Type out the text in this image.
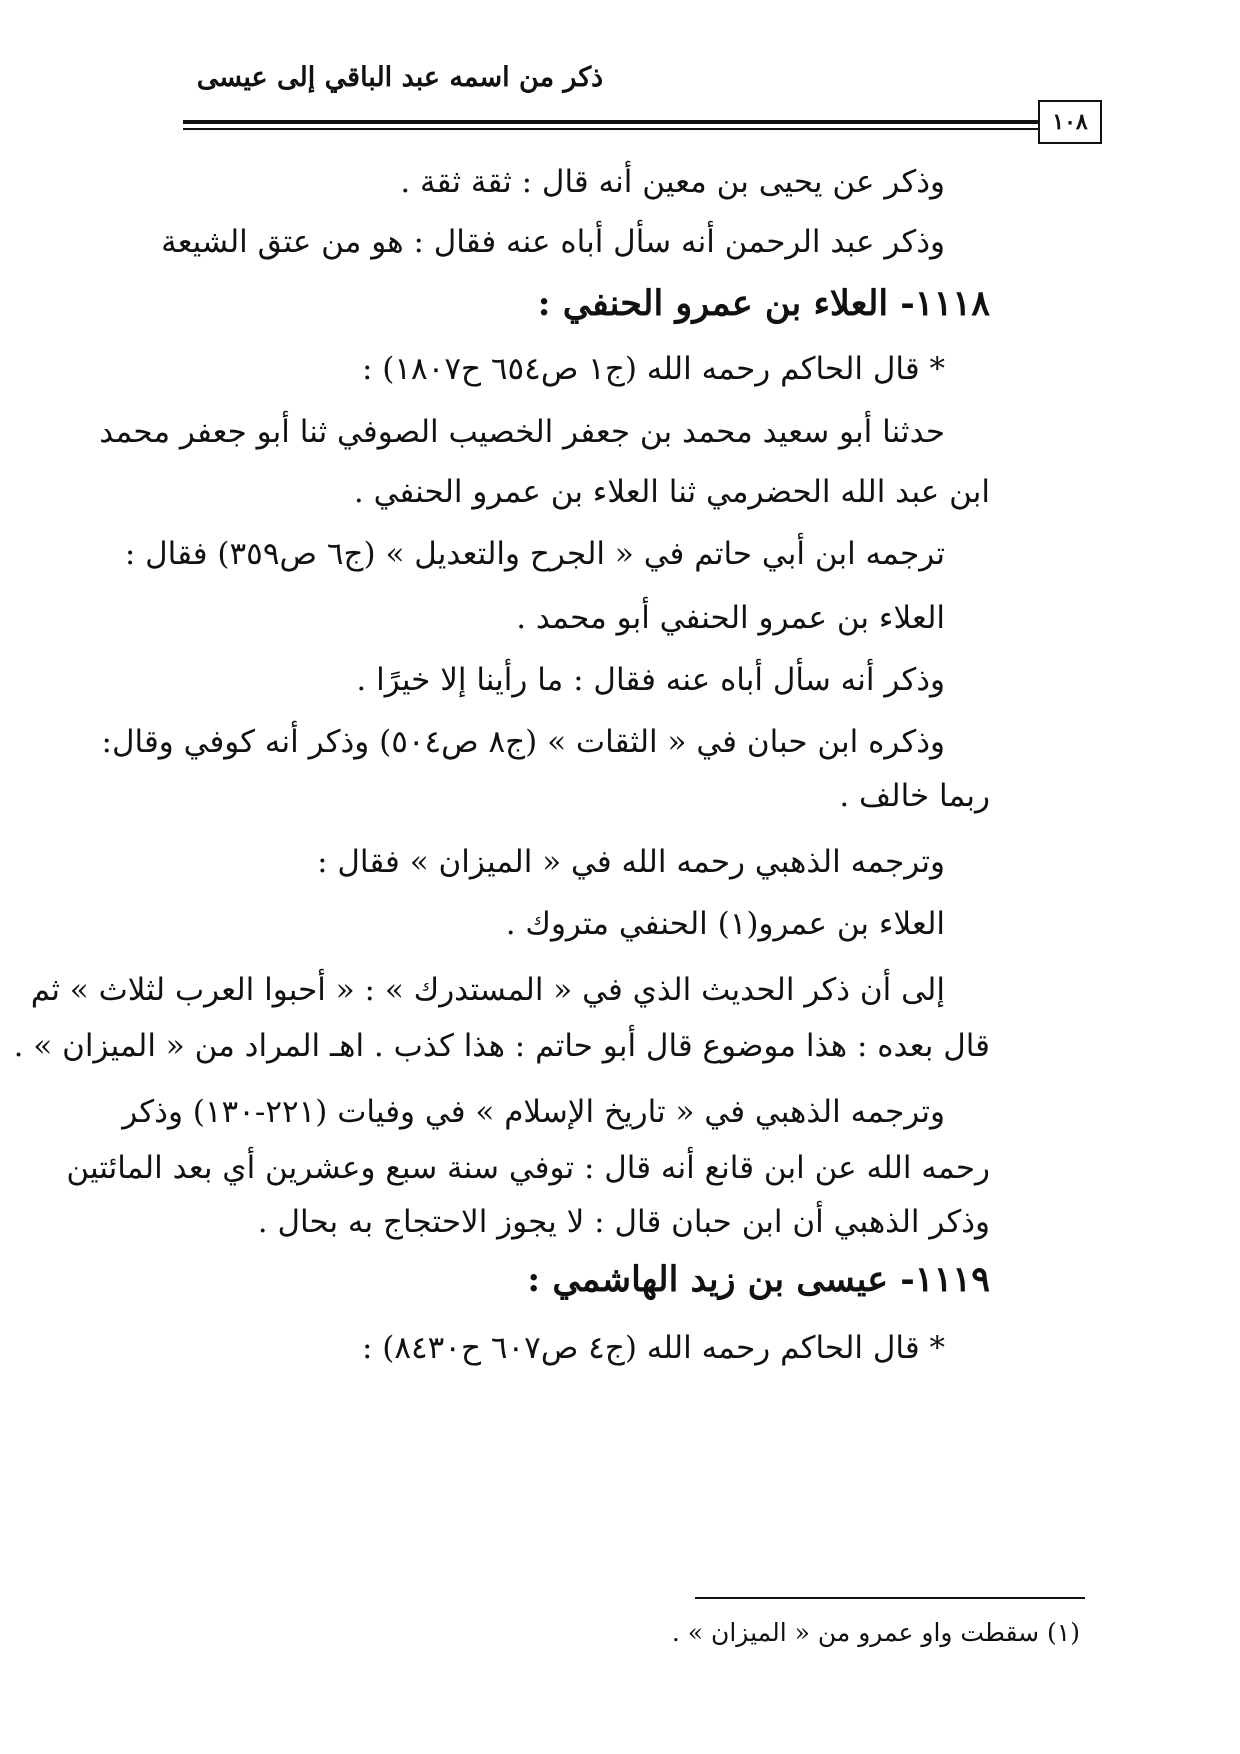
ذكر من اسمه عبد الباقي إلى عيسى
١٠٨
وذكر عن يحيى بن معين أنه قال : ثقة ثقة .
وذكر عبد الرحمن أنه سأل أباه عنه فقال : هو من عتق الشيعة
١١١٨- العلاء بن عمرو الحنفي :
* قال الحاكم رحمه الله (ج١ ص٦٥٤ ح١٨٠٧) :
حدثنا أبو سعيد محمد بن جعفر الخصيب الصوفي ثنا أبو جعفر محمد
ابن عبد الله الحضرمي ثنا العلاء بن عمرو الحنفي .
ترجمه ابن أبي حاتم في « الجرح والتعديل » (ج٦ ص٣٥٩) فقال :
العلاء بن عمرو الحنفي أبو محمد .
وذكر أنه سأل أباه عنه فقال : ما رأينا إلا خيرًا .
وذكره ابن حبان في « الثقات » (ج٨ ص٥٠٤) وذكر أنه كوفي وقال:
ربما خالف .
وترجمه الذهبي رحمه الله في « الميزان » فقال :
العلاء بن عمرو(١) الحنفي متروك .
إلى أن ذكر الحديث الذي في « المستدرك » : « أحبوا العرب لثلاث » ثم
قال بعده : هذا موضوع قال أبو حاتم : هذا كذب . اهـ المراد من « الميزان » .
وترجمه الذهبي في « تاريخ الإسلام » في وفيات (٢٢١-١٣٠) وذكر
رحمه الله عن ابن قانع أنه قال : توفي سنة سبع وعشرين أي بعد المائتين
وذكر الذهبي أن ابن حبان قال : لا يجوز الاحتجاج به بحال .
١١١٩- عيسى بن زيد الهاشمي :
* قال الحاكم رحمه الله (ج٤ ص٦٠٧ ح٨٤٣٠) :
(١) سقطت واو عمرو من « الميزان » .
